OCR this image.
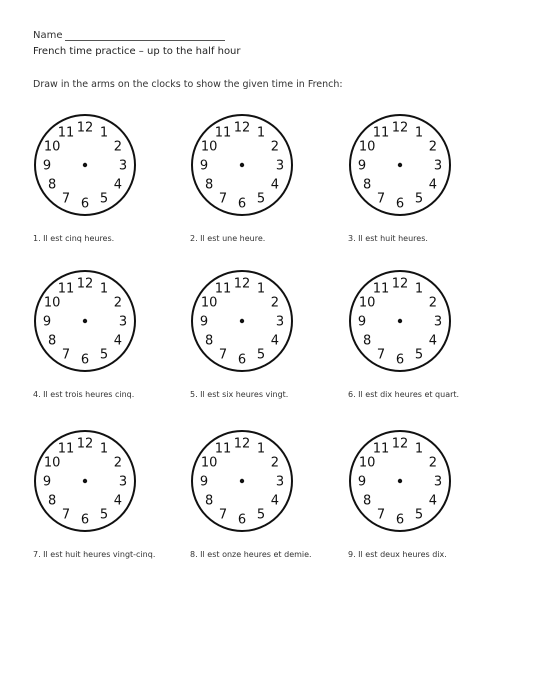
Name
French time practice – up to the half hour
Draw in the arms on the clocks to show the given time in French:
12 1
2
3
4
5
6
7
8
9
10
11
1. Il est cinq heures.
12 1
2
3
4
5
6
7
8
9
10
11
2. Il est une heure.
12 1
2
3
4
5
6
7
8
9
10
11
3. Il est huit heures.
12 1
2
3
4
5
6
7
8
9
10
11
4. Il est trois heures cinq.
12 1
2
3
4
5
6
7
8
9
10
11
5. Il est six heures vingt.
12 1
2
3
4
5
6
7
8
9
10
11
6. Il est dix heures et quart.
12 1
2
3
4
5
6
7
8
9
10
11
7. Il est huit heures vingt-cinq.
12 1
2
3
4
5
6
7
8
9
10
11
8. Il est onze heures et demie.
12 1
2
3
4
5
6
7
8
9
10
11
9. Il est deux heures dix.
